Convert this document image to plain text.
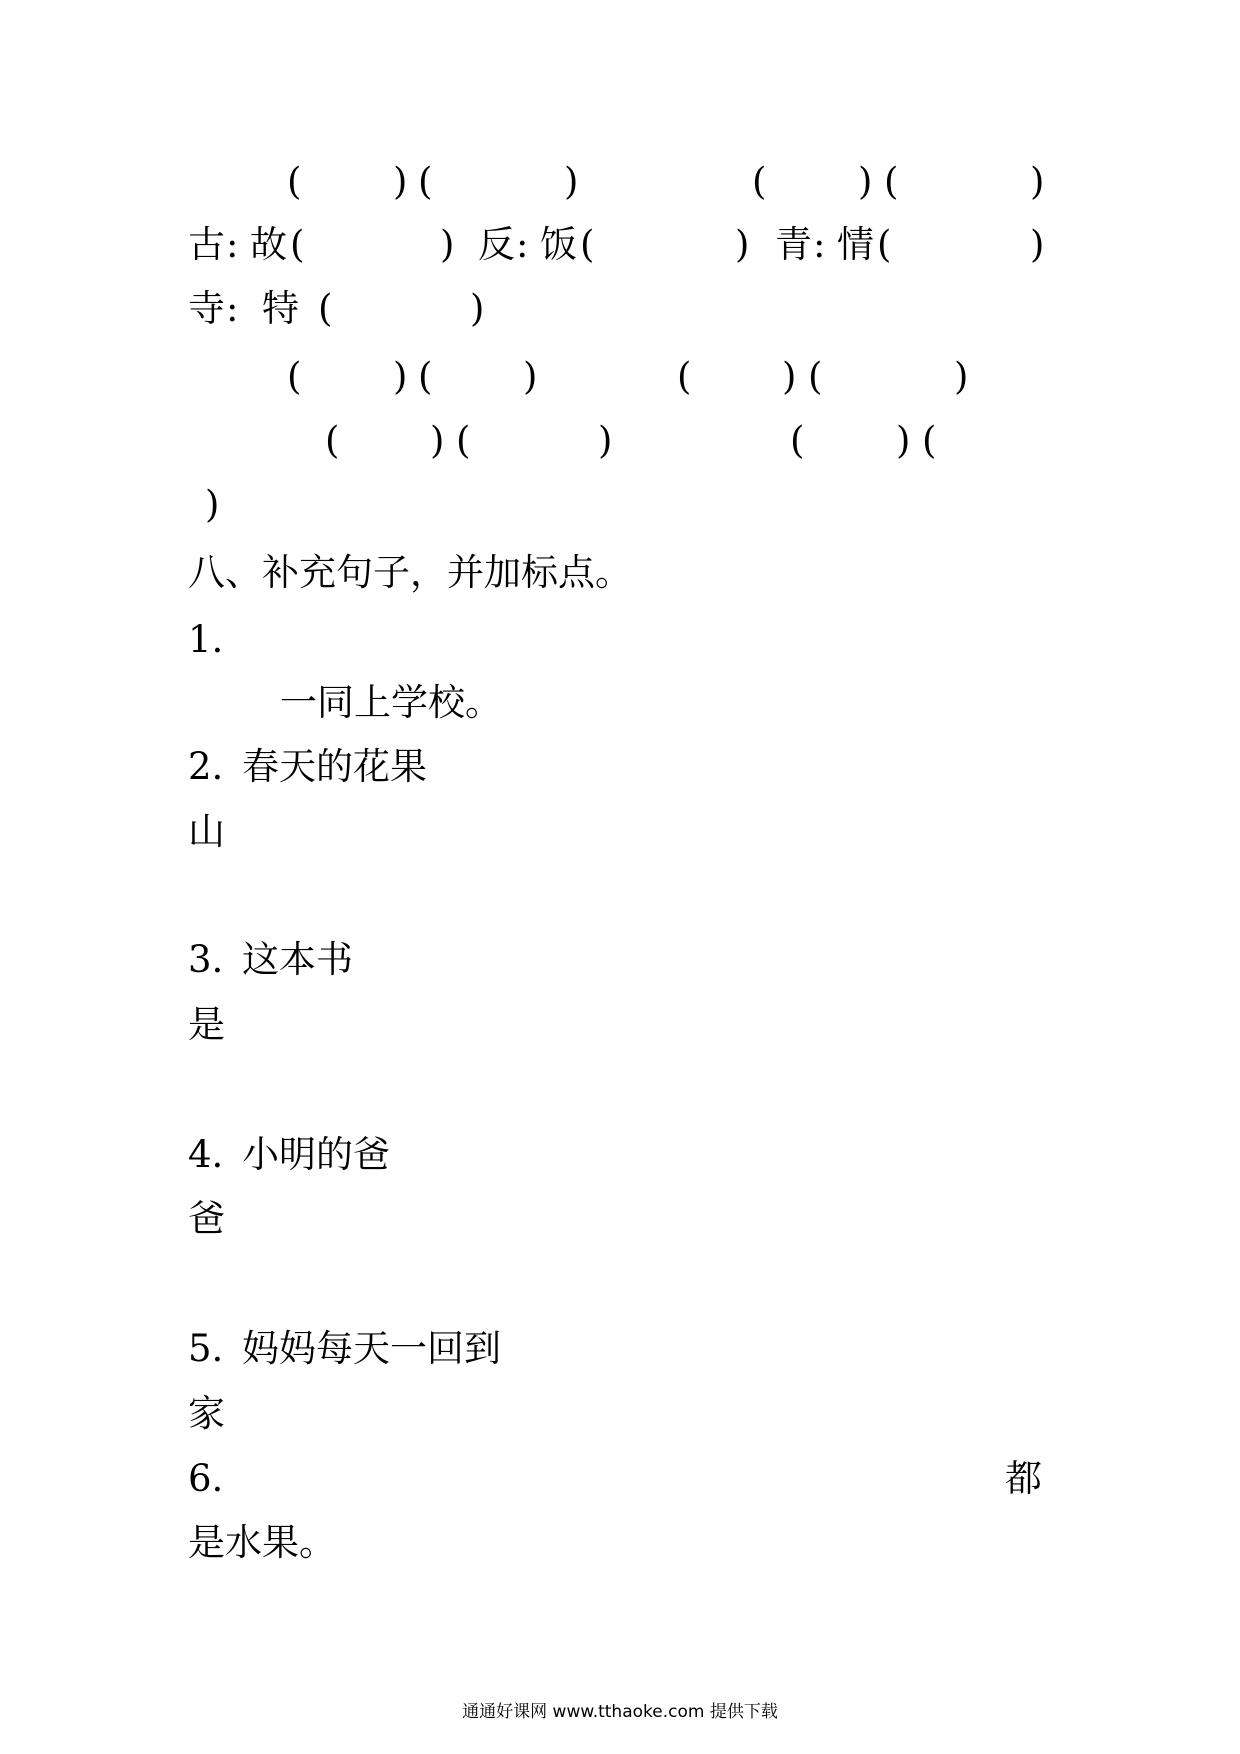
( ) (	)	( ) (	)
古 : 故 (	) 反 : 饭 (	) 青 : 情 (	)
寺 : 特 (	)
( ) ( )	( ) (	)
( ) (	)	( ) (
)
八、补充句子，并加标点。
1.
一同上学校。
2. 春天的花果
山
3. 这本书
是
4. 小明的爸
爸
5. 妈妈每天一回到
家
6.	都
是水果。
通通好课网 www.tthaoke.com 提供下载
